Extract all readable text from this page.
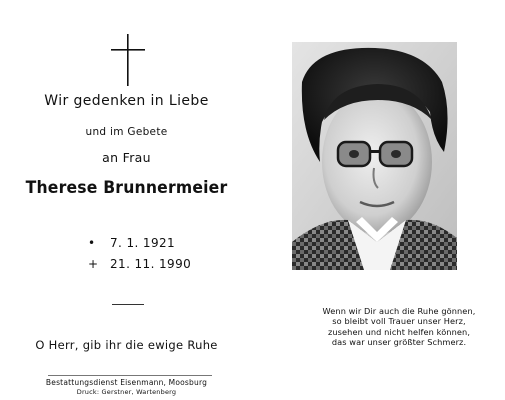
Wir gedenken in Liebe
und im Gebete
an Frau
Therese Brunnermeier
• 7. 1. 1921
+ 21. 11. 1990
O Herr, gib ihr die ewige Ruhe
Bestattungsdienst Eisenmann, Moosburg
Druck: Gerstner, Wartenberg
Wenn wir Dir auch die Ruhe gönnen,
so bleibt voll Trauer unser Herz,
zusehen und nicht helfen können,
das war unser größter Schmerz.
